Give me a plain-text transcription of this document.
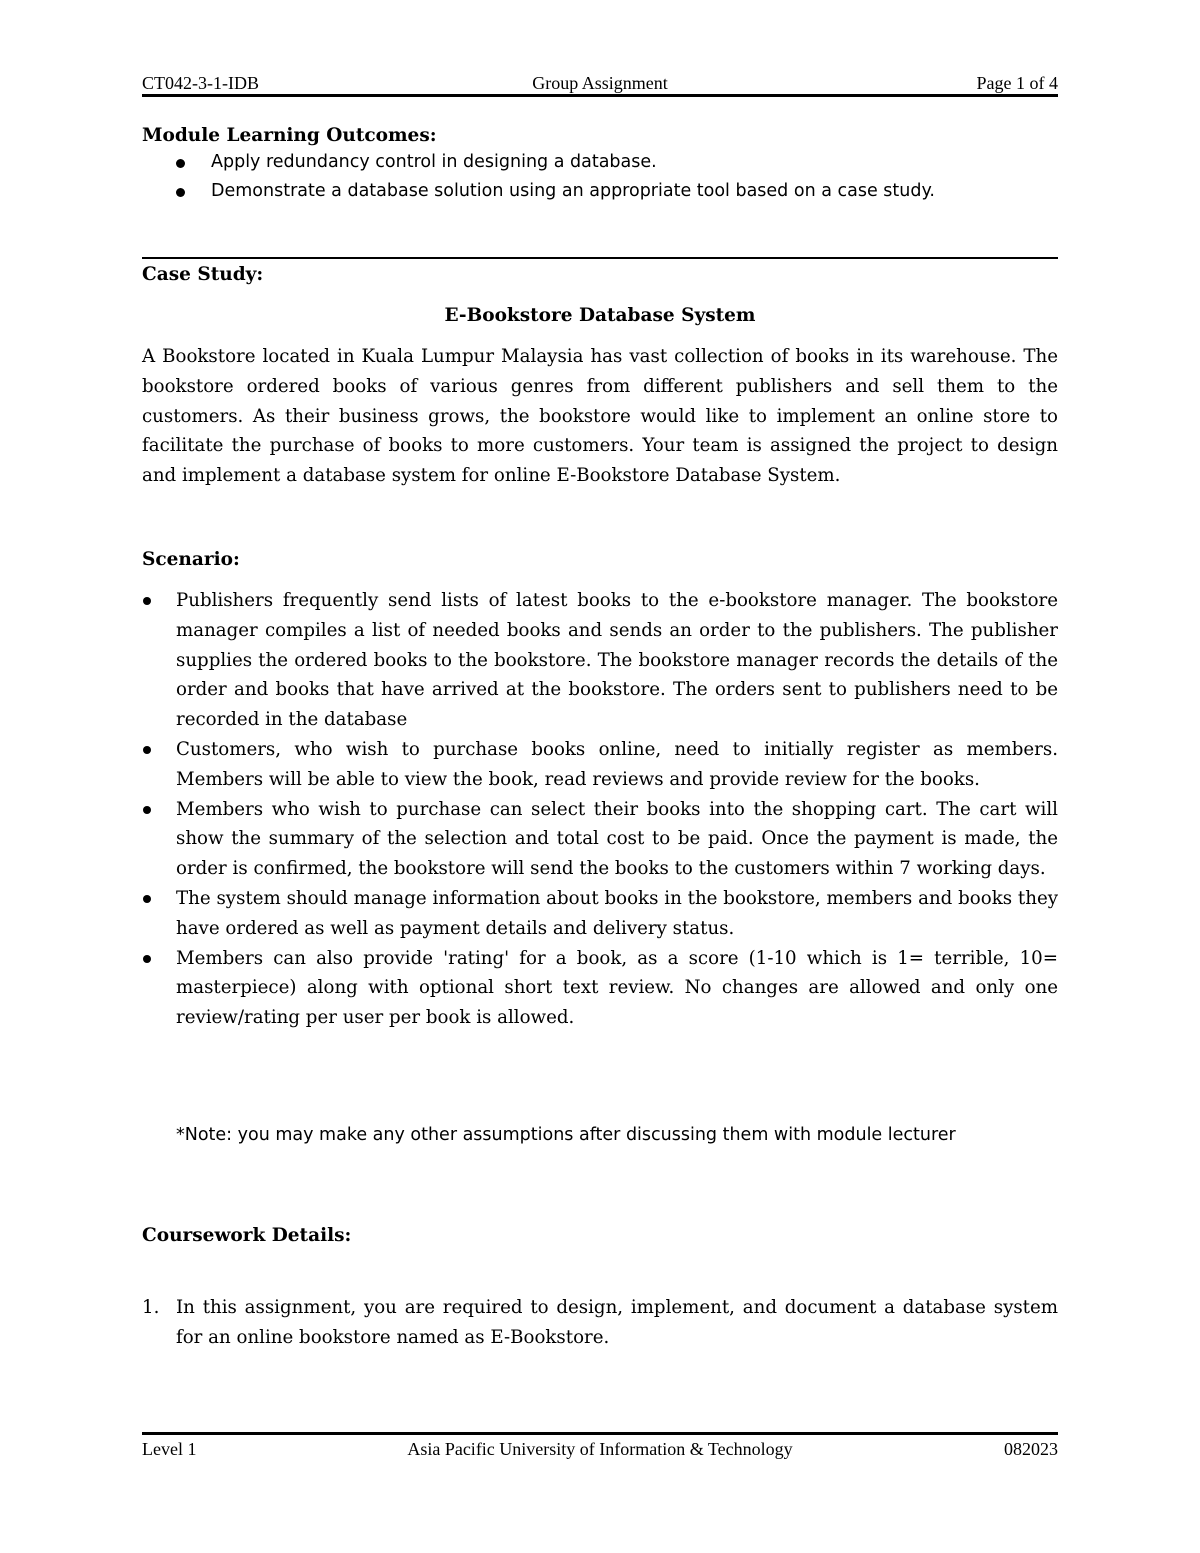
Group Assignment
CT042-3-1-IDB	Page 1 of 4
Module Learning Outcomes:
Apply redundancy control in designing a database.
Demonstrate a database solution using an appropriate tool based on a case study.
Case Study:
E-Bookstore Database System

A Bookstore located in Kuala Lumpur Malaysia has vast collection of books in its warehouse. The bookstore ordered books of various genres from different publishers and sell them to the customers. As their business grows, the bookstore would like to implement an online store to facilitate the purchase of books to more customers. Your team is assigned the project to design and implement a database system for online E-Bookstore Database System.

Scenario:
Publishers frequently send lists of latest books to the e-bookstore manager. The bookstore manager compiles a list of needed books and sends an order to the publishers. The publisher supplies the ordered books to the bookstore. The bookstore manager records the details of the order and books that have arrived at the bookstore. The orders sent to publishers need to be recorded in the database
Customers, who wish to purchase books online, need to initially register as members. Members will be able to view the book, read reviews and provide review for the books.
Members who wish to purchase can select their books into the shopping cart. The cart will show the summary of the selection and total cost to be paid. Once the payment is made, the order is confirmed, the bookstore will send the books to the customers within 7 working days.
The system should manage information about books in the bookstore, members and books they have ordered as well as payment details and delivery status.
Members can also provide 'rating' for a book, as a score (1-10 which is 1= terrible, 10= masterpiece) along with optional short text review. No changes are allowed and only one review/rating per user per book is allowed.
*Note: you may make any other assumptions after discussing them with module lecturer
Coursework Details:
1. In this assignment, you are required to design, implement, and document a database system for an online bookstore named as E-Bookstore.
Asia Pacific University of Information & Technology
Level 1	082023
